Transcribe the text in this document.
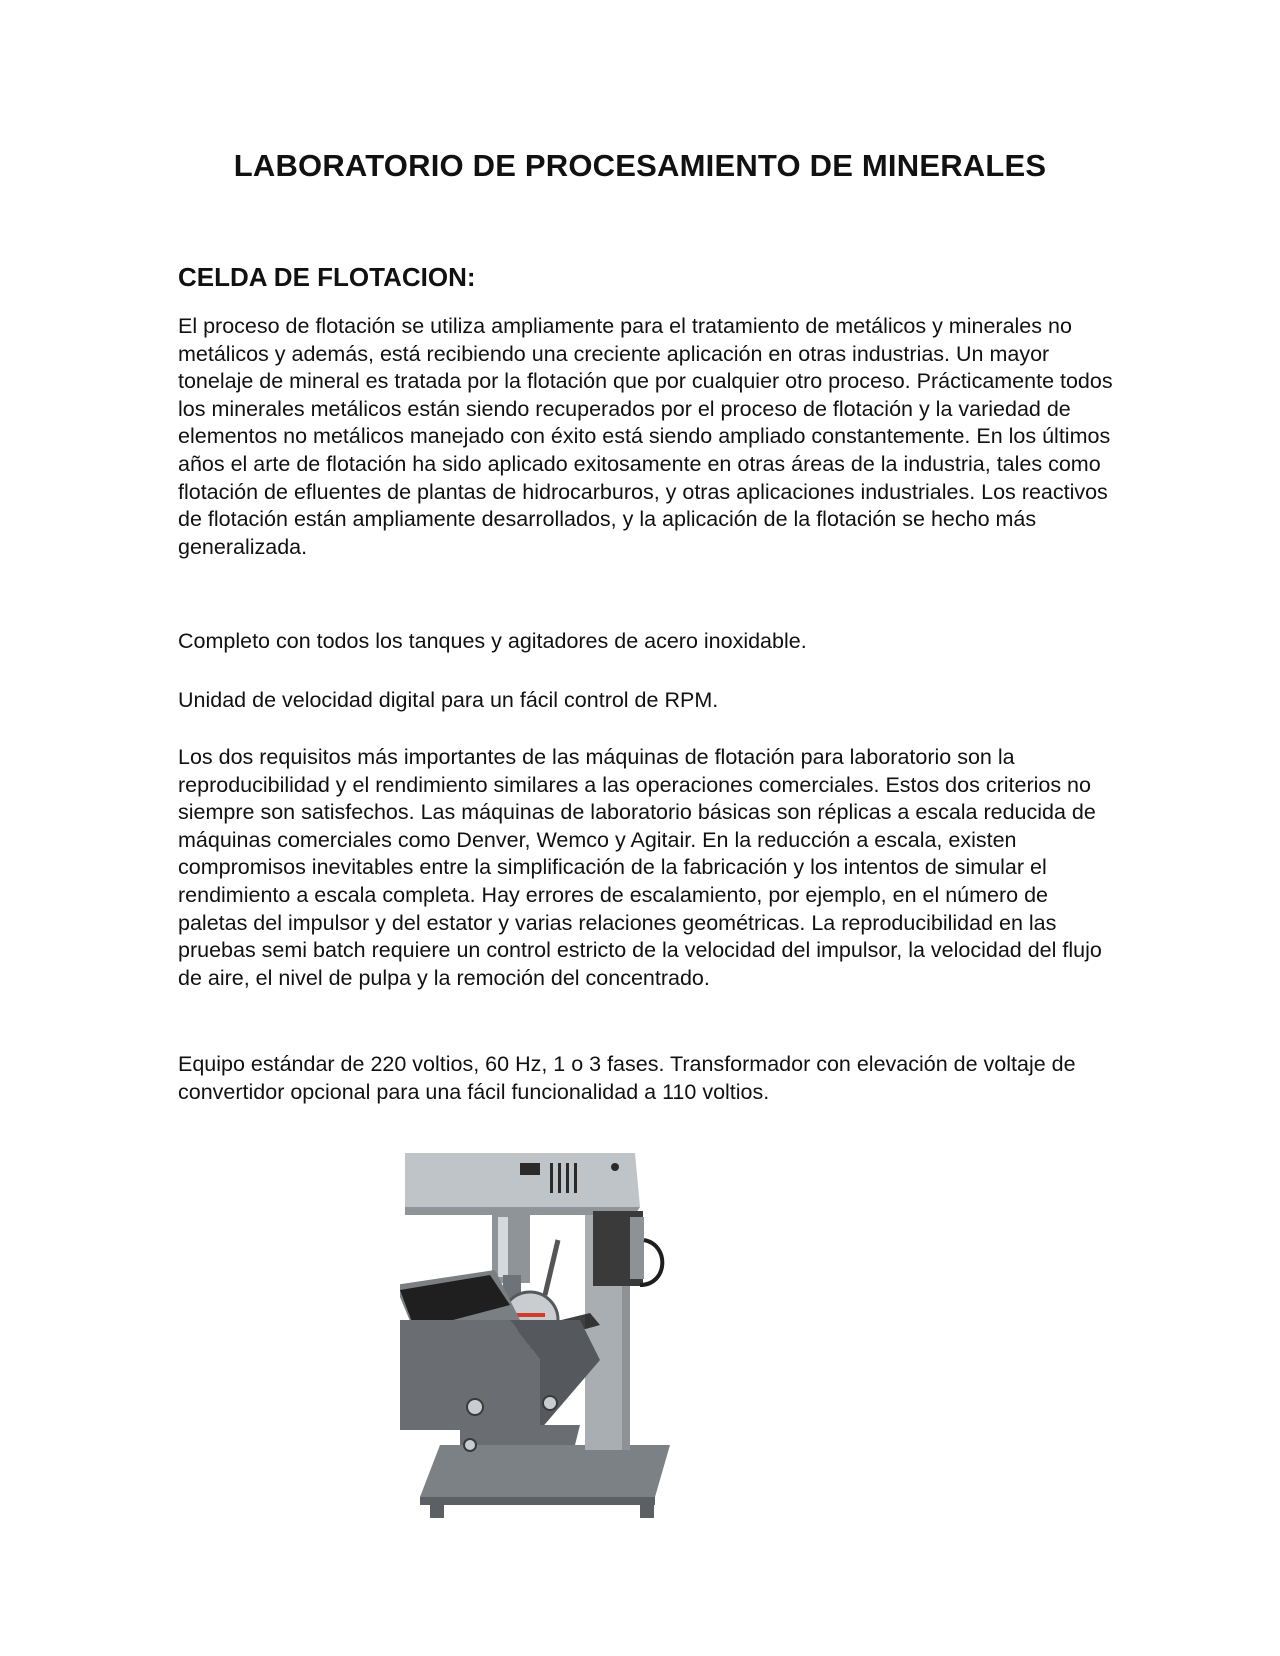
LABORATORIO DE PROCESAMIENTO DE MINERALES
CELDA DE FLOTACION:

El proceso de flotación se utiliza ampliamente para el tratamiento de metálicos y minerales no metálicos y además, está recibiendo una creciente aplicación en otras industrias. Un mayor tonelaje de mineral es tratada por la flotación que por cualquier otro proceso. Prácticamente todos los minerales metálicos están siendo recuperados por el proceso de flotación y la variedad de elementos no metálicos manejado con éxito está siendo ampliado constantemente. En los últimos años el arte de flotación ha sido aplicado exitosamente en otras áreas de la industria, tales como flotación de efluentes de plantas de hidrocarburos, y otras aplicaciones industriales. Los reactivos de flotación están ampliamente desarrollados, y la aplicación de la flotación se hecho más generalizada.

Completo con todos los tanques y agitadores de acero inoxidable.

Unidad de velocidad digital para un fácil control de RPM.

Los dos requisitos más importantes de las máquinas de flotación para laboratorio son la reproducibilidad y el rendimiento similares a las operaciones comerciales. Estos dos criterios no siempre son satisfechos. Las máquinas de laboratorio básicas son réplicas a escala reducida de máquinas comerciales como Denver, Wemco y Agitair. En la reducción a escala, existen compromisos inevitables entre la simplificación de la fabricación y los intentos de simular el rendimiento a escala completa. Hay errores de escalamiento, por ejemplo, en el número de paletas del impulsor y del estator y varias relaciones geométricas. La reproducibilidad en las pruebas semi batch requiere un control estricto de la velocidad del impulsor, la velocidad del flujo de aire, el nivel de pulpa y la remoción del concentrado.

Equipo estándar de 220 voltios, 60 Hz, 1 o 3 fases. Transformador con elevación de voltaje de convertidor opcional para una fácil funcionalidad a 110 voltios.
